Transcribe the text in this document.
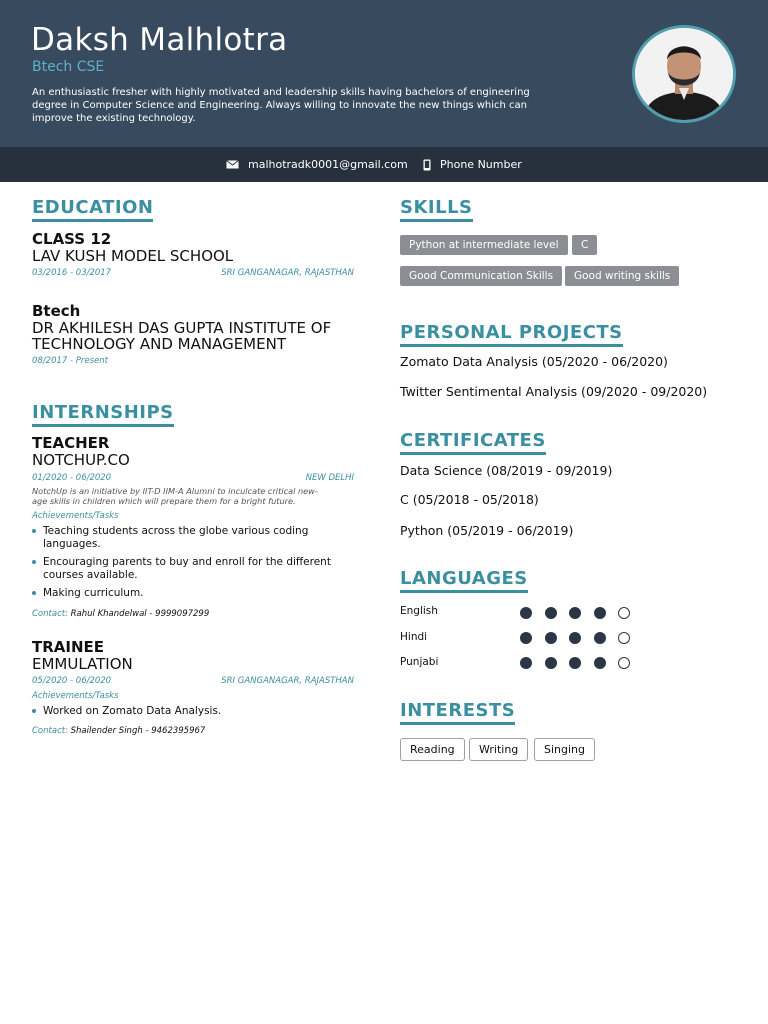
Daksh Malhlotra
Btech CSE
An enthusiastic fresher with highly motivated and leadership skills having bachelors of engineering degree in Computer Science and Engineering. Always willing to innovate the new things which can improve the existing technology.
malhotradk0001@gmail.com	Phone Number
EDUCATION
CLASS 12
LAV KUSH MODEL SCHOOL
03/2016 - 03/2017	SRI GANGANAGAR, RAJASTHAN
Btech
DR AKHILESH DAS GUPTA INSTITUTE OF
TECHNOLOGY AND MANAGEMENT
08/2017 - Present
INTERNSHIPS
TEACHER
NOTCHUP.CO
01/2020 - 06/2020	NEW DELHI
NotchUp is an initiative by IIT-D IIM-A Alumni to inculcate critical new-
age skills in children which will prepare them for a bright future.
Achievements/Tasks
Teaching students across the globe various coding
languages.
Encouraging parents to buy and enroll for the different
courses available.
Making curriculum.
Contact: Rahul Khandelwal - 9999097299
TRAINEE
EMMULATION
05/2020 - 06/2020	SRI GANGANAGAR, RAJASTHAN
Achievements/Tasks
Worked on Zomato Data Analysis.
Contact: Shailender Singh - 9462395967
SKILLS
Python at intermediate level	C
Good Communication Skills	Good writing skills
PERSONAL PROJECTS
Zomato Data Analysis (05/2020 - 06/2020)
Twitter Sentimental Analysis (09/2020 - 09/2020)
CERTIFICATES
Data Science (08/2019 - 09/2019)
C (05/2018 - 05/2018)
Python (05/2019 - 06/2019)
LANGUAGES
English
Hindi
Punjabi
INTERESTS
Reading	Writing	Singing
